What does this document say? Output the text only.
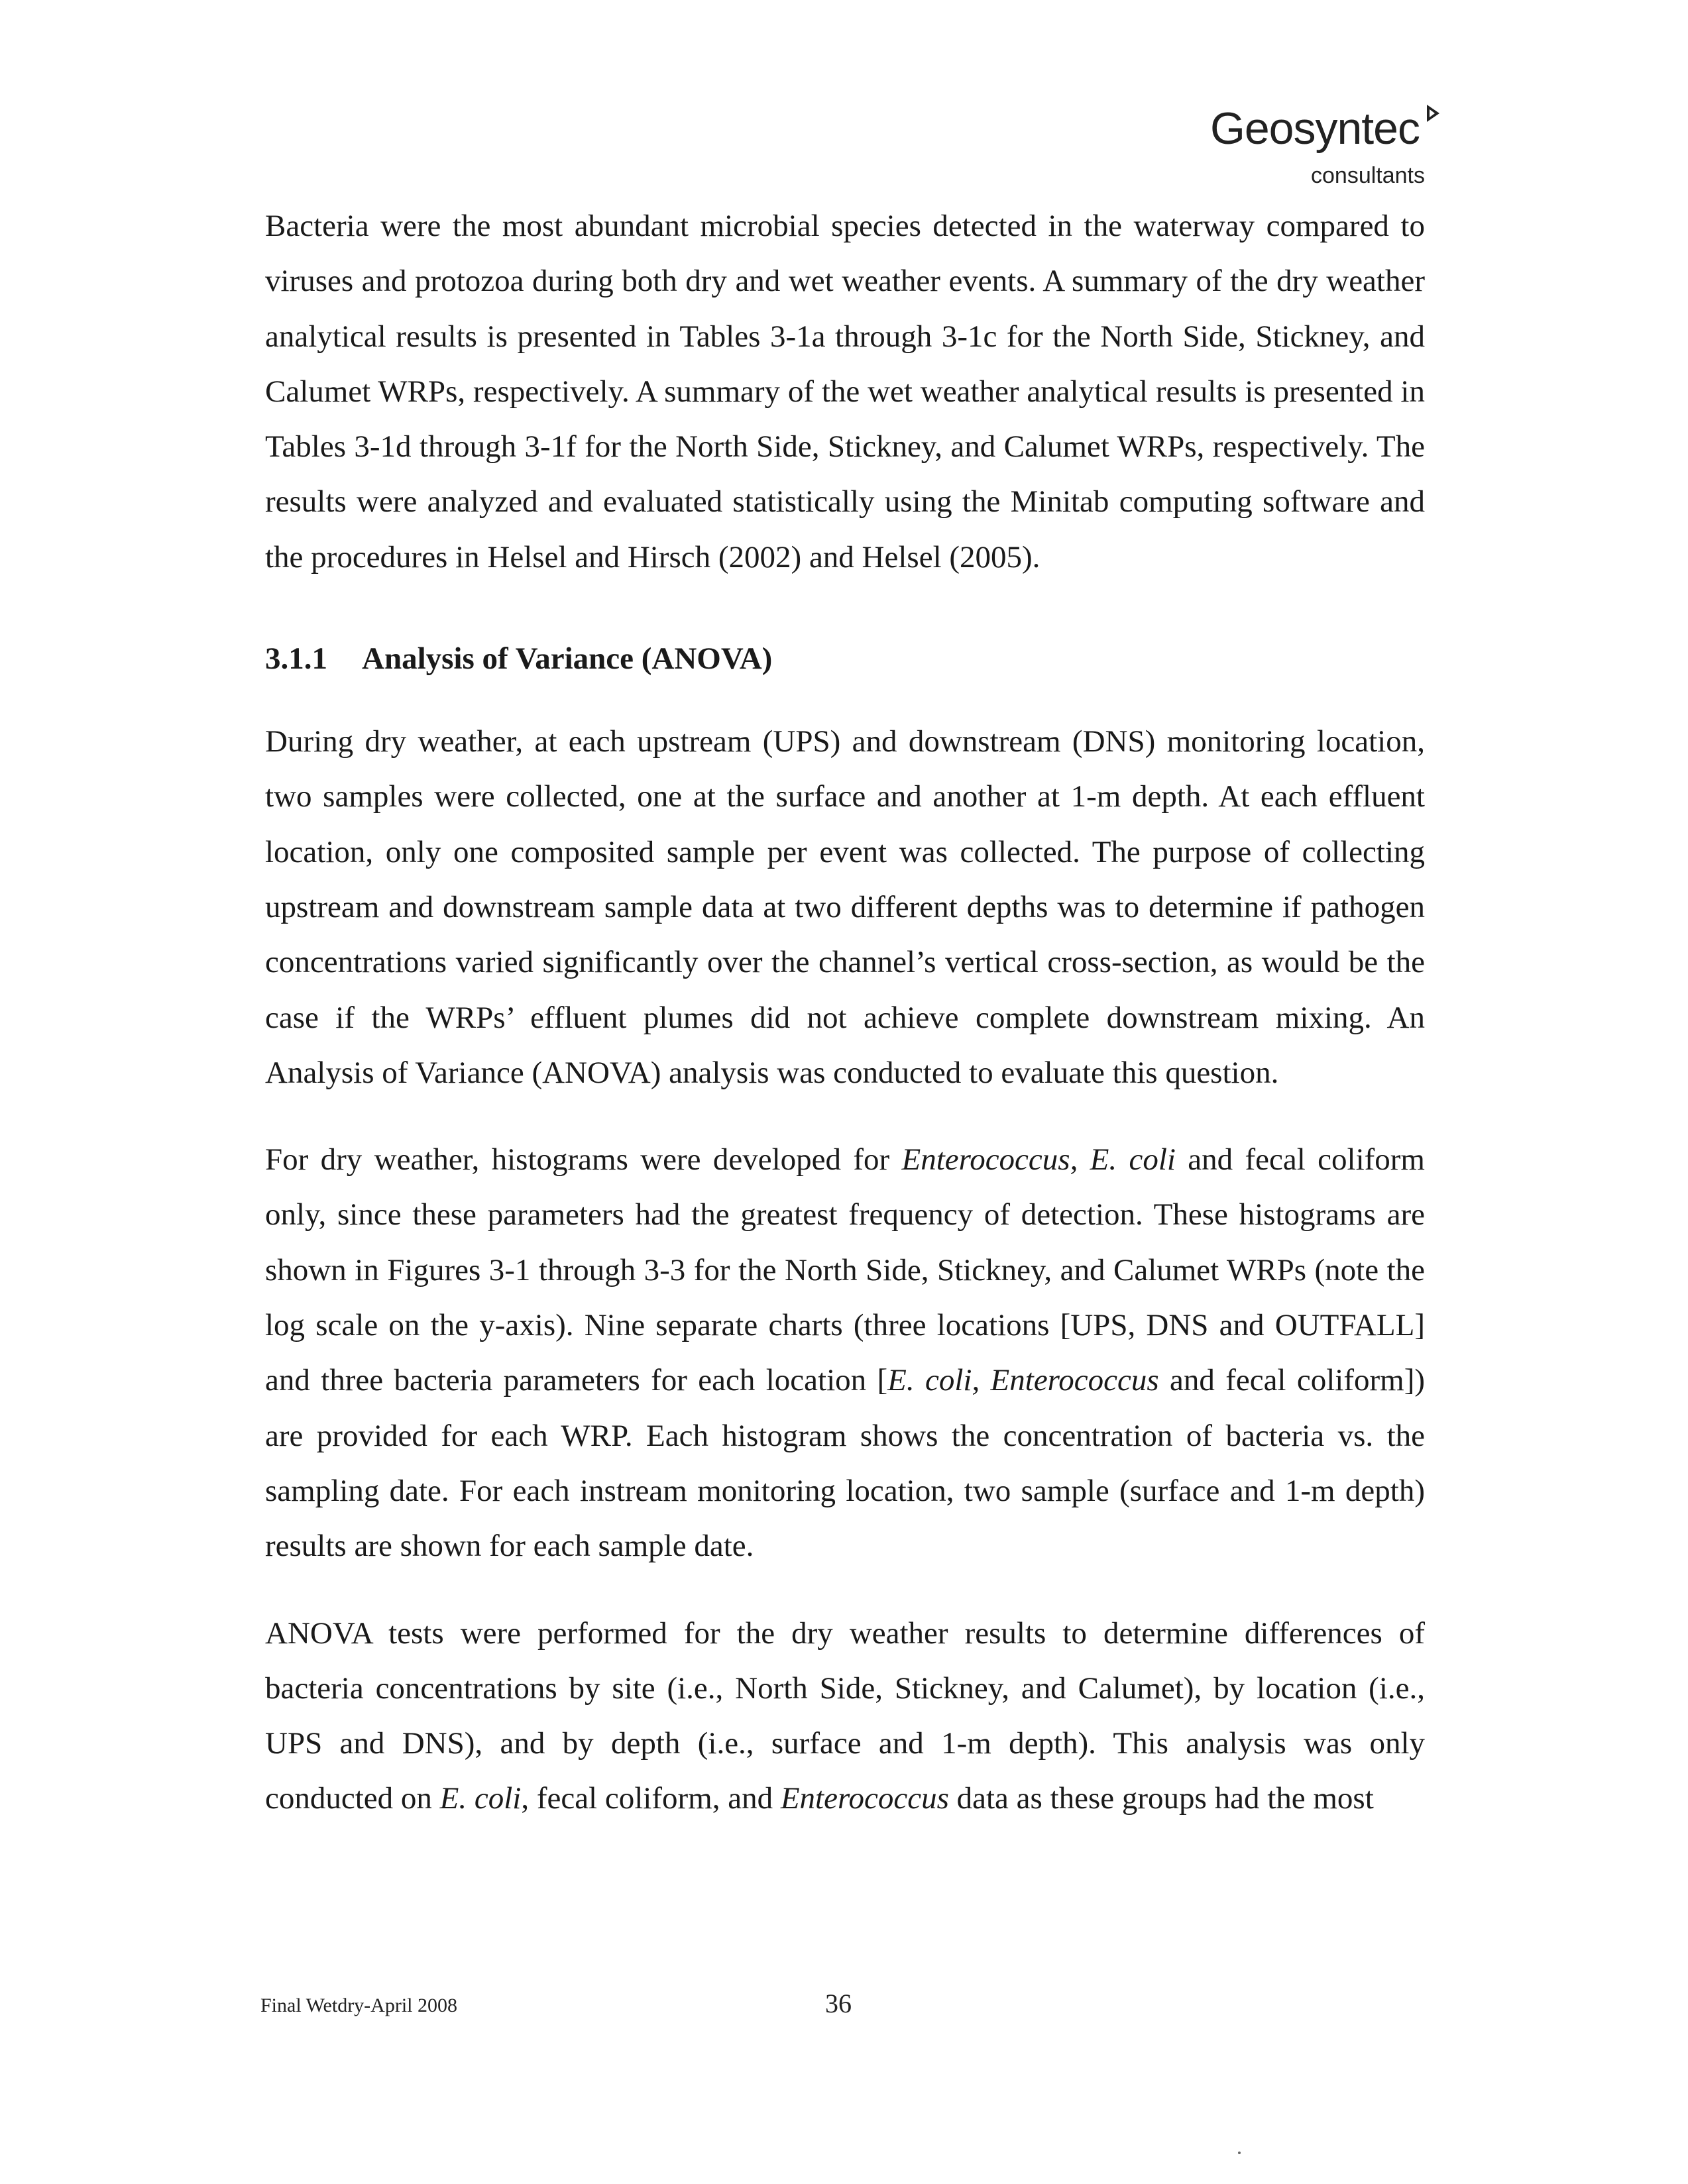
Geosyntec
consultants

Bacteria were the most abundant microbial species detected in the waterway compared to viruses and protozoa during both dry and wet weather events. A summary of the dry weather analytical results is presented in Tables 3-1a through 3-1c for the North Side, Stickney, and Calumet WRPs, respectively. A summary of the wet weather analytical results is presented in Tables 3-1d through 3-1f for the North Side, Stickney, and Calumet WRPs, respectively. The results were analyzed and evaluated statistically using the Minitab computing software and the procedures in Helsel and Hirsch (2002) and Helsel (2005).

3.1.1 Analysis of Variance (ANOVA)

During dry weather, at each upstream (UPS) and downstream (DNS) monitoring location, two samples were collected, one at the surface and another at 1-m depth. At each effluent location, only one composited sample per event was collected. The purpose of collecting upstream and downstream sample data at two different depths was to determine if pathogen concentrations varied significantly over the channel’s vertical cross-section, as would be the case if the WRPs’ effluent plumes did not achieve complete downstream mixing. An Analysis of Variance (ANOVA) analysis was conducted to evaluate this question.

For dry weather, histograms were developed for Enterococcus, E. coli and fecal coliform only, since these parameters had the greatest frequency of detection. These histograms are shown in Figures 3-1 through 3-3 for the North Side, Stickney, and Calumet WRPs (note the log scale on the y-axis). Nine separate charts (three locations [UPS, DNS and OUTFALL] and three bacteria parameters for each location [E. coli, Enterococcus and fecal coliform]) are provided for each WRP. Each histogram shows the concentration of bacteria vs. the sampling date. For each instream monitoring location, two sample (surface and 1-m depth) results are shown for each sample date.

ANOVA tests were performed for the dry weather results to determine differences of bacteria concentrations by site (i.e., North Side, Stickney, and Calumet), by location (i.e., UPS and DNS), and by depth (i.e., surface and 1-m depth). This analysis was only conducted on E. coli, fecal coliform, and Enterococcus data as these groups had the most

Final Wetdry-April 2008	36
